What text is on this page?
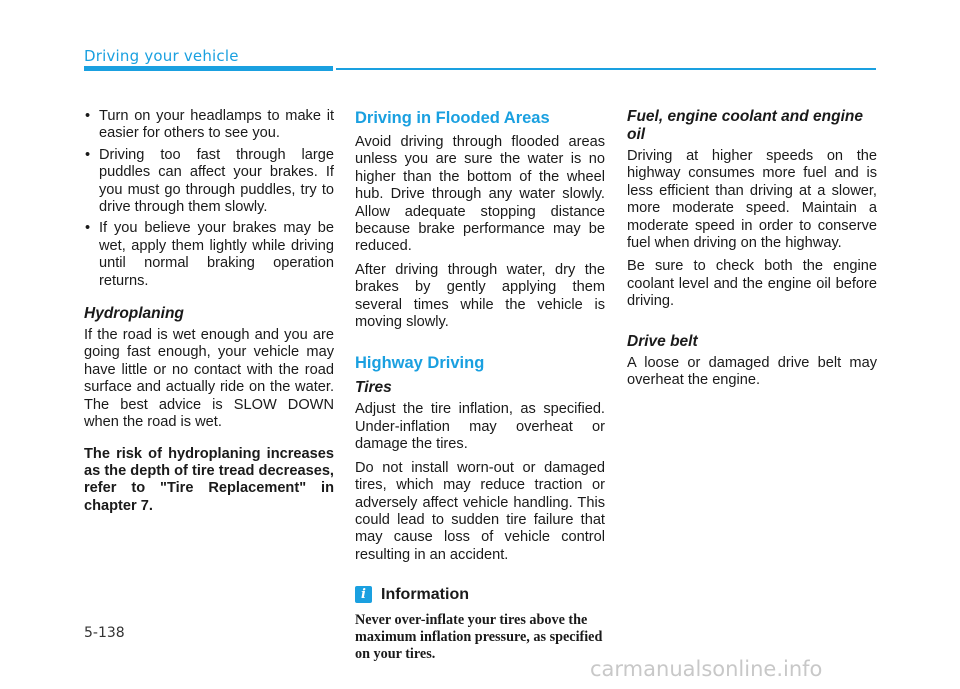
Driving your vehicle
• Turn on your headlamps to make it easier for others to see you.
• Driving too fast through large puddles can affect your brakes. If you must go through puddles, try to drive through them slowly.
• If you believe your brakes may be wet, apply them lightly while driving until normal braking operation returns.
Hydroplaning

If the road is wet enough and you are going fast enough, your vehicle may have little or no contact with the road surface and actually ride on the water. The best advice is SLOW DOWN when the road is wet.

The risk of hydroplaning increases as the depth of tire tread decreases, refer to "Tire Replacement" in chapter 7.

Driving in Flooded Areas

Avoid driving through flooded areas unless you are sure the water is no higher than the bottom of the wheel hub. Drive through any water slowly. Allow adequate stopping distance because brake performance may be reduced.

After driving through water, dry the brakes by gently applying them several times while the vehicle is moving slowly.

Highway Driving
Tires

Adjust the tire inflation, as specified. Under-inflation may overheat or damage the tires.

Do not install worn-out or damaged tires, which may reduce traction or adversely affect vehicle handling. This could lead to sudden tire failure that may cause loss of vehicle control resulting in an accident.

i Information

Never over-inflate your tires above the maximum inflation pressure, as specified on your tires.

Fuel, engine coolant and engine oil

Driving at higher speeds on the highway consumes more fuel and is less efficient than driving at a slower, more moderate speed. Maintain a moderate speed in order to conserve fuel when driving on the highway.

Be sure to check both the engine coolant level and the engine oil before driving.

Drive belt

A loose or damaged drive belt may overheat the engine.

5-138
carmanualsonline.info
